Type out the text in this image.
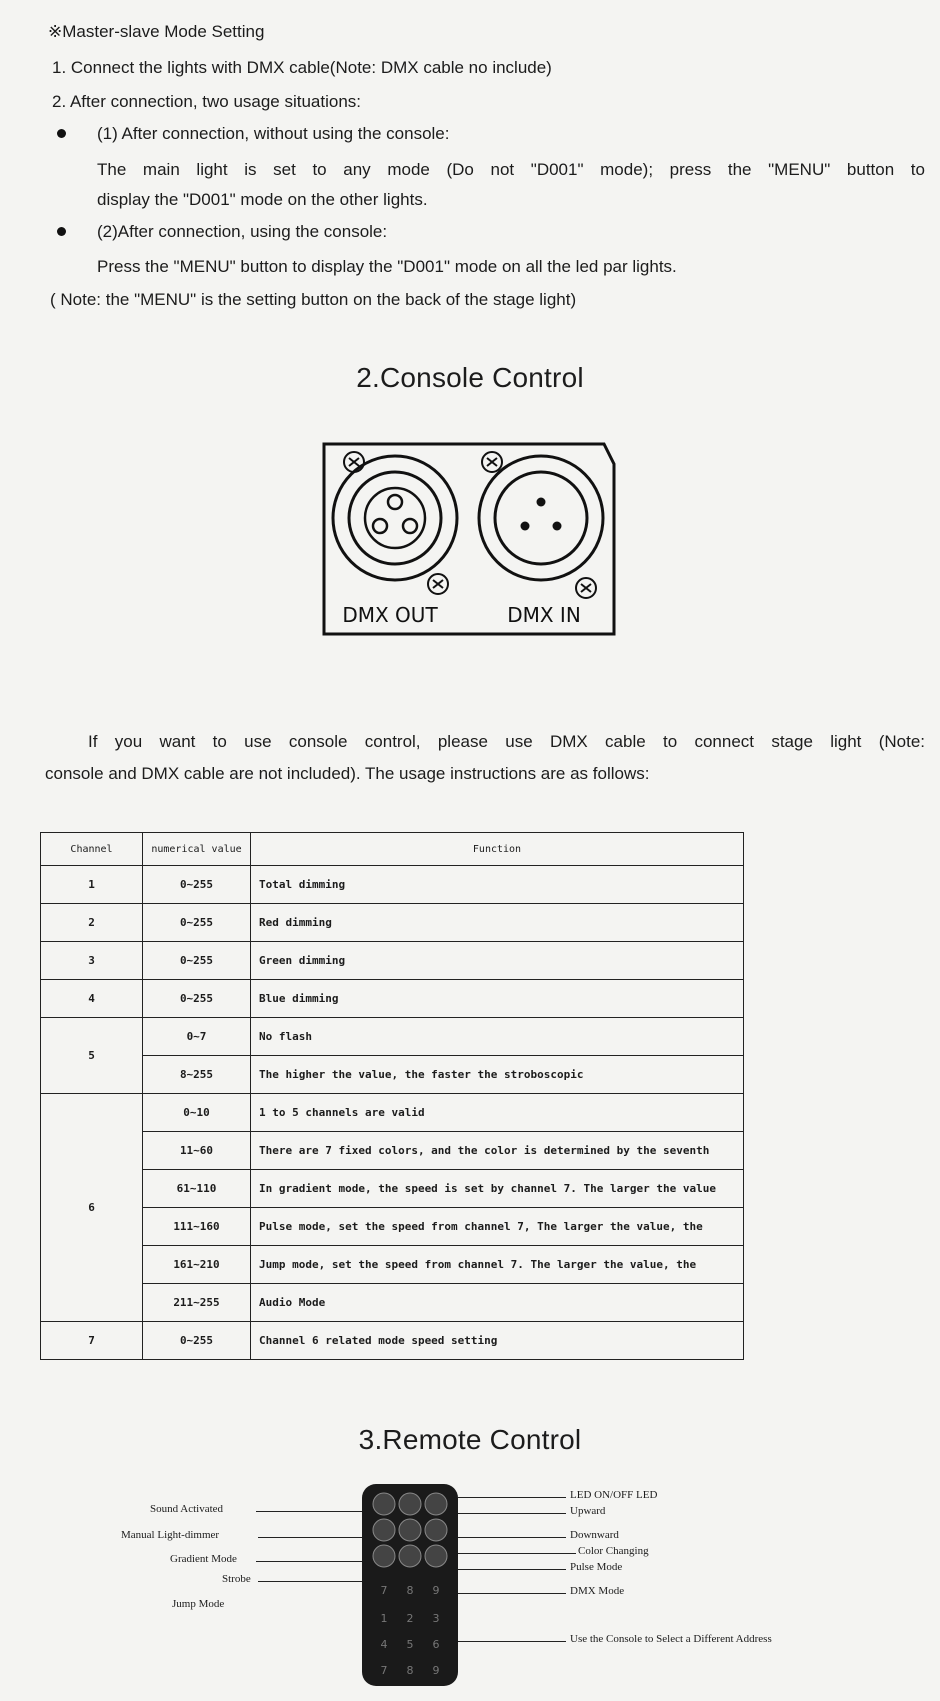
※Master-slave Mode Setting

1. Connect the lights with DMX cable(Note: DMX cable no include)

2. After connection, two usage situations:

(1) After connection, without using the console:

The main light is set to any mode (Do not "D001" mode); press the "MENU" button to

display the "D001" mode on the other lights.

(2)After connection, using the console:

Press the "MENU" button to display the "D001" mode on all the led par lights.

( Note: the "MENU" is the setting button on the back of the stage light)

2.Console Control
DMX OUT	DMX IN

If you want to use console control, please use DMX cable to connect stage light (Note:

console and DMX cable are not included). The usage instructions are as follows:

Channel	numerical value	Function
1	0~255	Total dimming
2	0~255	Red dimming
3	0~255	Green dimming
4	0~255	Blue dimming
5	0~7	No flash
	8~255	The higher the value, the faster the stroboscopic
6	0~10	1 to 5 channels are valid
	11~60	There are 7 fixed colors, and the color is determined by the seventh
	61~110	In gradient mode, the speed is set by channel 7. The larger the value
	111~160	Pulse mode, set the speed from channel 7, The larger the value, the
	161~210	Jump mode, set the speed from channel 7. The larger the value, the
	211~255	Audio Mode
7	0~255	Channel 6 related mode speed setting
3.Remote Control
7 8 9
1 2 3
4 5 6
7 8 9
Sound Activated
Manual Light-dimmer
Gradient Mode
Strobe
Jump Mode
LED ON/OFF LED
Upward
Downward
Color Changing
Pulse Mode
DMX Mode
Use the Console to Select a Different Address
